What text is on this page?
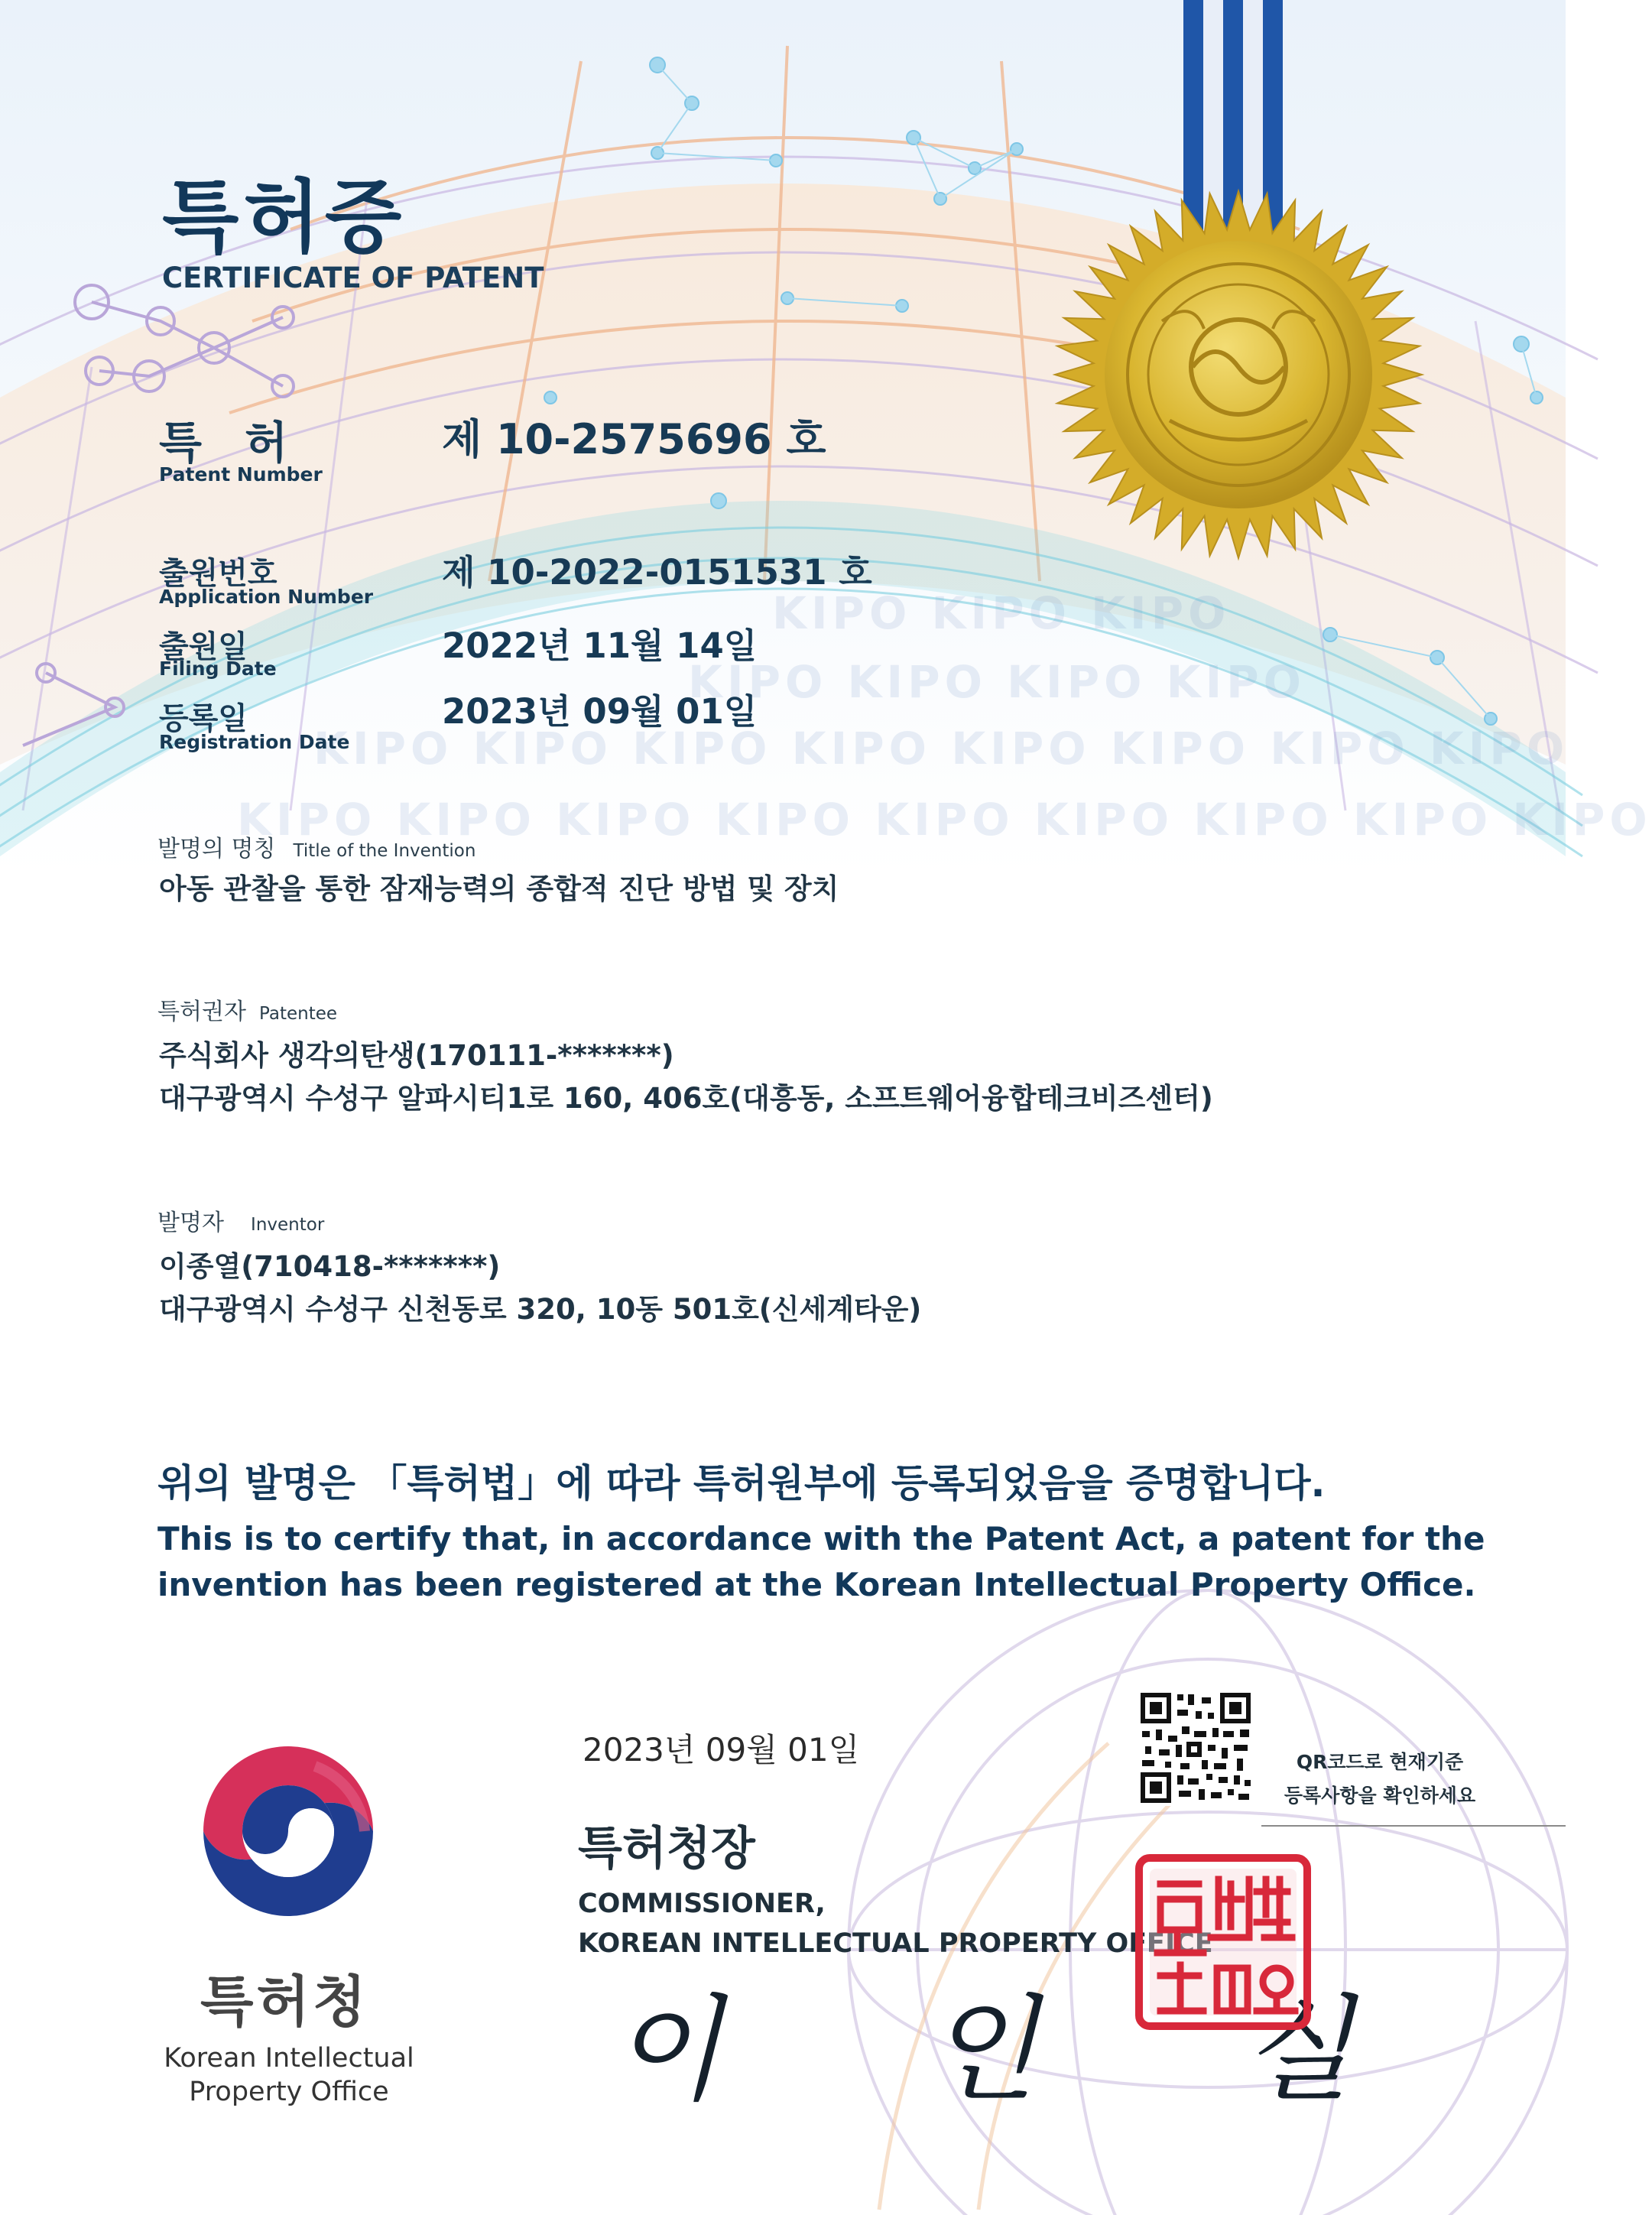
KIPO KIPO KIPO
KIPO KIPO KIPO KIPO
KIPO KIPO KIPO KIPO KIPO KIPO KIPO KIPO
KIPO KIPO KIPO KIPO KIPO KIPO KIPO KIPO KIPO
특허증
CERTIFICATE OF PATENT
특 허
Patent Number
제 10-2575696 호
출원번호
Application Number
제 10-2022-0151531 호
출원일
Filing Date
2022년 11월 14일
등록일
Registration Date
2023년 09월 01일
발명의 명칭 Title of the Invention
아동 관찰을 통한 잠재능력의 종합적 진단 방법 및 장치
특허권자 Patentee
주식회사 생각의탄생(170111-*******)
대구광역시 수성구 알파시티1로 160, 406호(대흥동, 소프트웨어융합테크비즈센터)
발명자 Inventor
이종열(710418-*******)
대구광역시 수성구 신천동로 320, 10동 501호(신세계타운)
위의 발명은 「특허법」에 따라 특허원부에 등록되었음을 증명합니다.
This is to certify that, in accordance with the Patent Act, a patent for the
invention has been registered at the Korean Intellectual Property Office.
2023년 09월 01일
특허청장
COMMISSIONER,
KOREAN INTELLECTUAL PROPERTY OFFICE
이 인 실
QR코드로 현재기준
등록사항을 확인하세요
특허청
Korean Intellectual
Property Office
